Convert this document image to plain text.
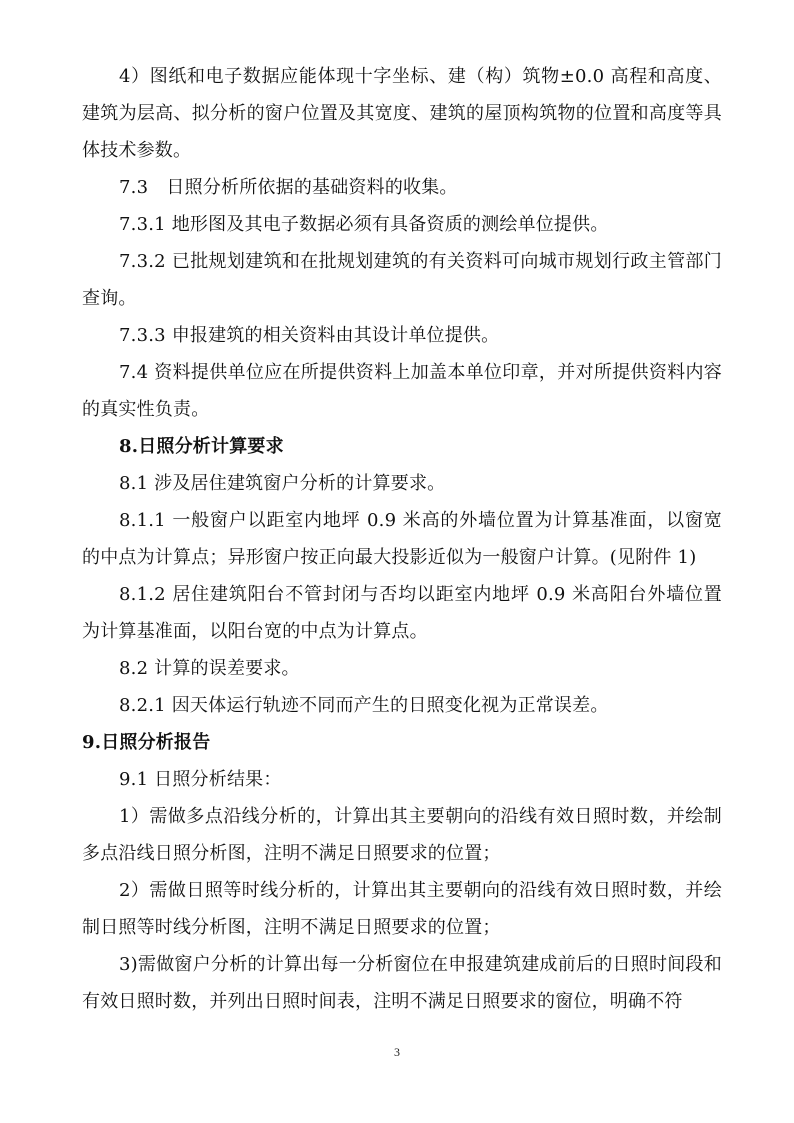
4）图纸和电子数据应能体现十字坐标、建（构）筑物±0.0 高程和高度、建筑为层高、拟分析的窗户位置及其宽度、建筑的屋顶构筑物的位置和高度等具体技术参数。

7.3　日照分析所依据的基础资料的收集。

7.3.1 地形图及其电子数据必须有具备资质的测绘单位提供。

7.3.2 已批规划建筑和在批规划建筑的有关资料可向城市规划行政主管部门查询。

7.3.3 申报建筑的相关资料由其设计单位提供。

7.4 资料提供单位应在所提供资料上加盖本单位印章，并对所提供资料内容的真实性负责。

8.日照分析计算要求

8.1 涉及居住建筑窗户分析的计算要求。

8.1.1 一般窗户以距室内地坪 0.9 米高的外墙位置为计算基准面，以窗宽的中点为计算点；异形窗户按正向最大投影近似为一般窗户计算。(见附件 1)

8.1.2 居住建筑阳台不管封闭与否均以距室内地坪 0.9 米高阳台外墙位置为计算基准面，以阳台宽的中点为计算点。

8.2 计算的误差要求。

8.2.1 因天体运行轨迹不同而产生的日照变化视为正常误差。

9.日照分析报告

9.1 日照分析结果：

1）需做多点沿线分析的，计算出其主要朝向的沿线有效日照时数，并绘制多点沿线日照分析图，注明不满足日照要求的位置；

2）需做日照等时线分析的，计算出其主要朝向的沿线有效日照时数，并绘制日照等时线分析图，注明不满足日照要求的位置；

3)需做窗户分析的计算出每一分析窗位在申报建筑建成前后的日照时间段和有效日照时数，并列出日照时间表，注明不满足日照要求的窗位，明确不符

3
